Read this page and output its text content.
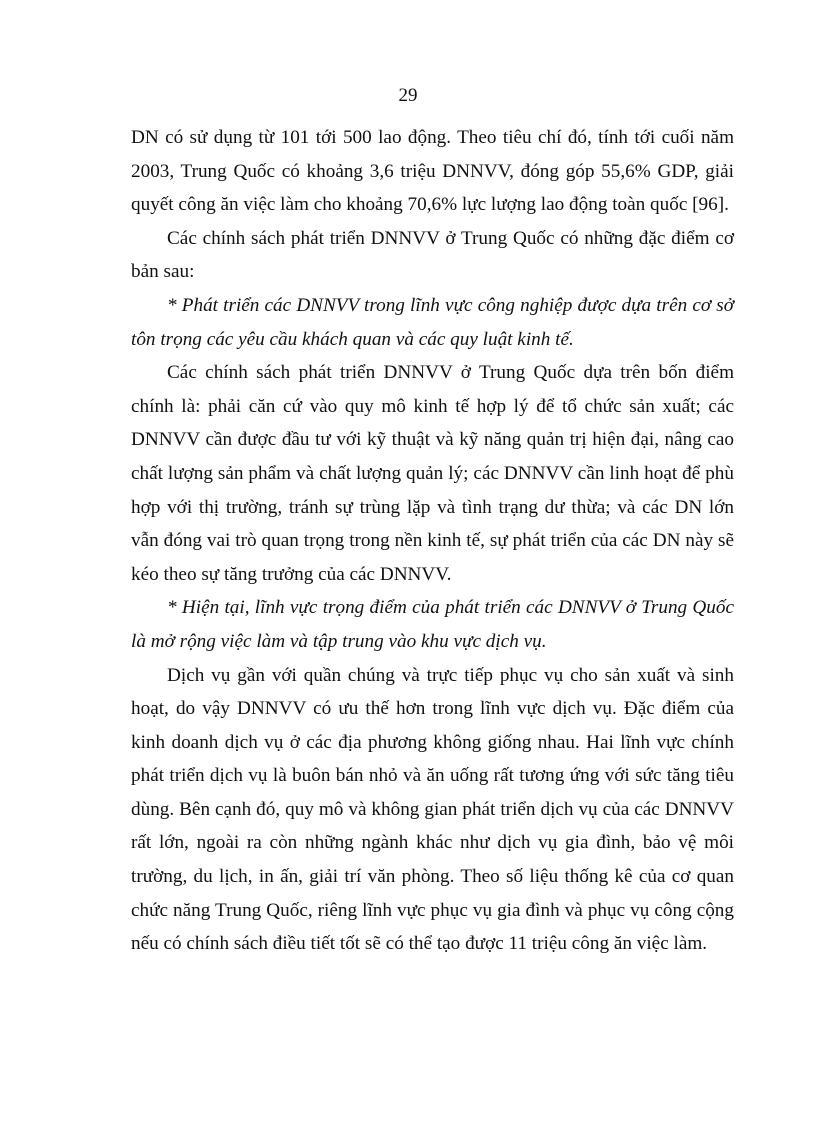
29

DN có sử dụng từ 101 tới 500 lao động. Theo tiêu chí đó, tính tới cuối năm 2003, Trung Quốc có khoảng 3,6 triệu DNNVV, đóng góp 55,6% GDP, giải quyết công ăn việc làm cho khoảng 70,6% lực lượng lao động toàn quốc [96].

Các chính sách phát triển DNNVV ở Trung Quốc có những đặc điểm cơ bản sau:

* Phát triển các DNNVV trong lĩnh vực công nghiệp được dựa trên cơ sở tôn trọng các yêu cầu khách quan và các quy luật kinh tế.

Các chính sách phát triển DNNVV ở Trung Quốc dựa trên bốn điểm chính là: phải căn cứ vào quy mô kinh tế hợp lý để tổ chức sản xuất; các DNNVV cần được đầu tư với kỹ thuật và kỹ năng quản trị hiện đại, nâng cao chất lượng sản phẩm và chất lượng quản lý; các DNNVV cần linh hoạt để phù hợp với thị trường, tránh sự trùng lặp và tình trạng dư thừa; và các DN lớn vẫn đóng vai trò quan trọng trong nền kinh tế, sự phát triển của các DN này sẽ kéo theo sự tăng trưởng của các DNNVV.

* Hiện tại, lĩnh vực trọng điểm của phát triển các DNNVV ở Trung Quốc là mở rộng việc làm và tập trung vào khu vực dịch vụ.

Dịch vụ gần với quần chúng và trực tiếp phục vụ cho sản xuất và sinh hoạt, do vậy DNNVV có ưu thế hơn trong lĩnh vực dịch vụ. Đặc điểm của kinh doanh dịch vụ ở các địa phương không giống nhau. Hai lĩnh vực chính phát triển dịch vụ là buôn bán nhỏ và ăn uống rất tương ứng với sức tăng tiêu dùng. Bên cạnh đó, quy mô và không gian phát triển dịch vụ của các DNNVV rất lớn, ngoài ra còn những ngành khác như dịch vụ gia đình, bảo vệ môi trường, du lịch, in ấn, giải trí văn phòng. Theo số liệu thống kê của cơ quan chức năng Trung Quốc, riêng lĩnh vực phục vụ gia đình và phục vụ công cộng nếu có chính sách điều tiết tốt sẽ có thể tạo được 11 triệu công ăn việc làm.
